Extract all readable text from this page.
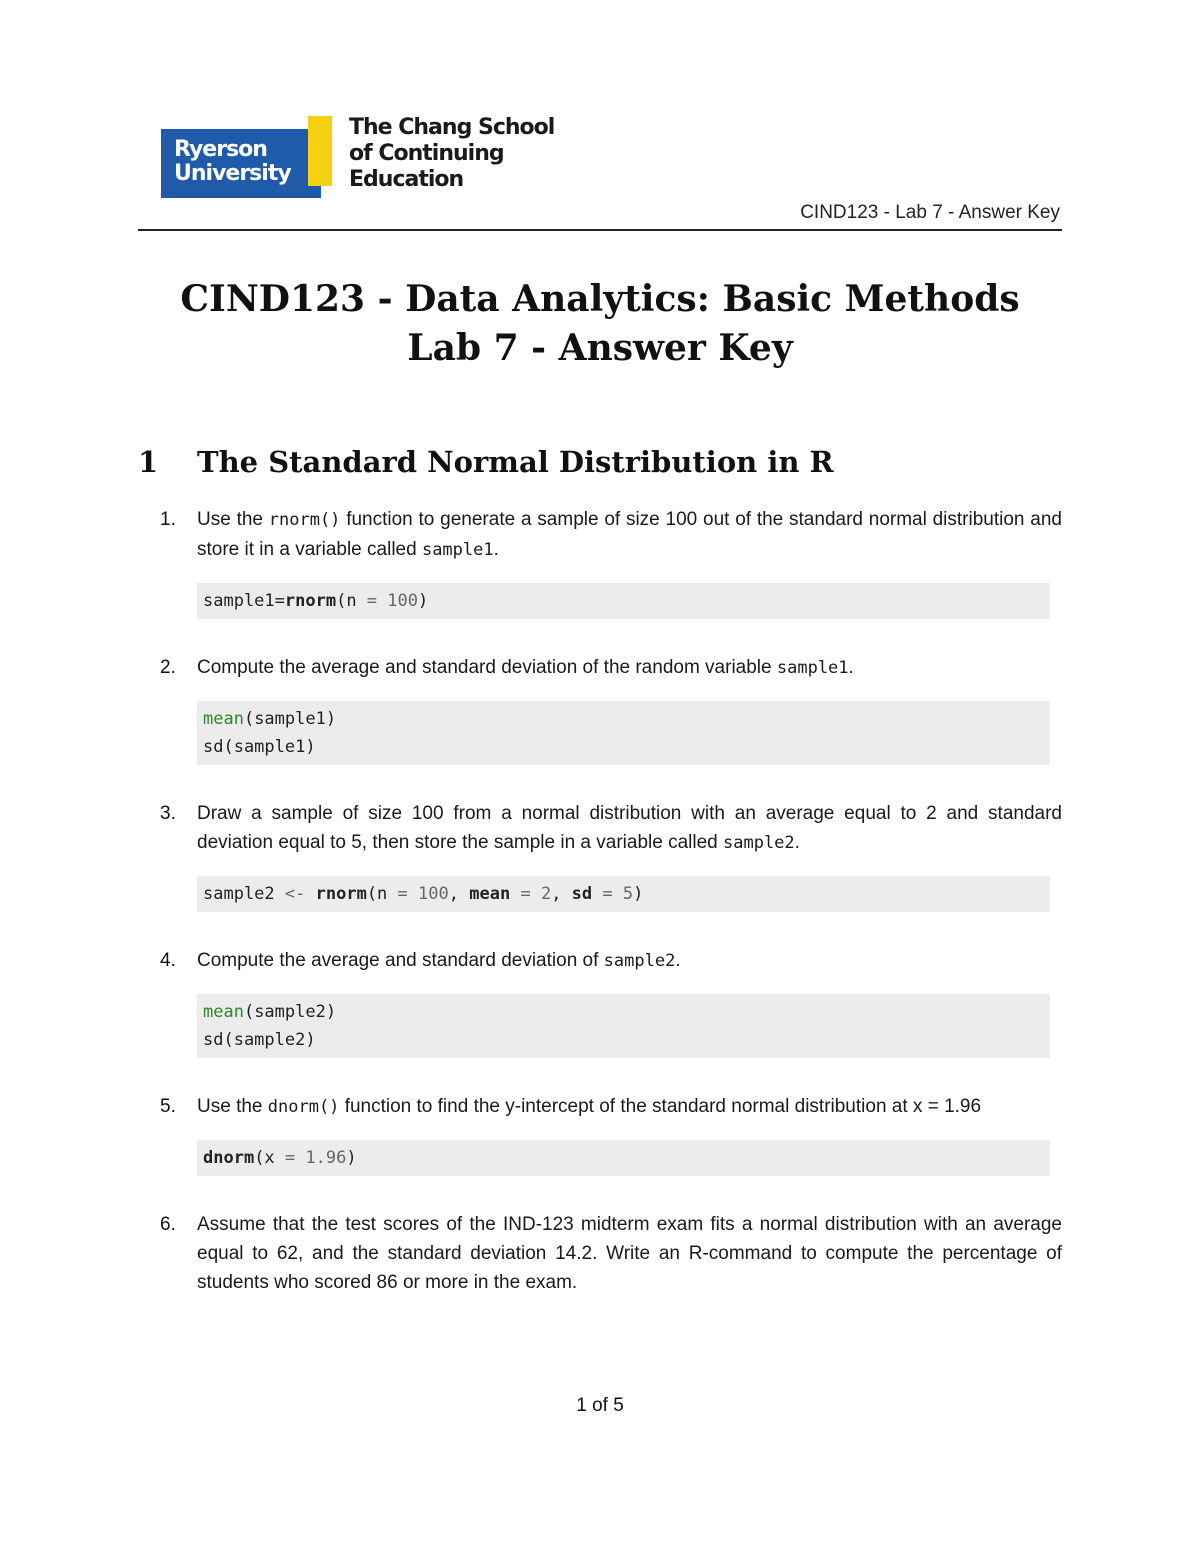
Ryerson
University
The Chang School
of Continuing
Education
CIND123 - Lab 7 - Answer Key
CIND123 - Data Analytics: Basic Methods
Lab 7 - Answer Key
1 The Standard Normal Distribution in R
1. Use the rnorm() function to generate a sample of size 100 out of the standard normal distribution and store it in a variable called sample1.

sample1=rnorm(n = 100)
2. Compute the average and standard deviation of the random variable sample1.

mean(sample1)
sd(sample1)
3. Draw a sample of size 100 from a normal distribution with an average equal to 2 and standard deviation equal to 5, then store the sample in a variable called sample2.

sample2 <- rnorm(n = 100, mean = 2, sd = 5)
4. Compute the average and standard deviation of sample2.

mean(sample2)
sd(sample2)
5. Use the dnorm() function to find the y-intercept of the standard normal distribution at x = 1.96

dnorm(x = 1.96)
6. Assume that the test scores of the IND-123 midterm exam fits a normal distribution with an average equal to 62, and the standard deviation 14.2. Write an R-command to compute the percentage of students who scored 86 or more in the exam.

1 of 5
